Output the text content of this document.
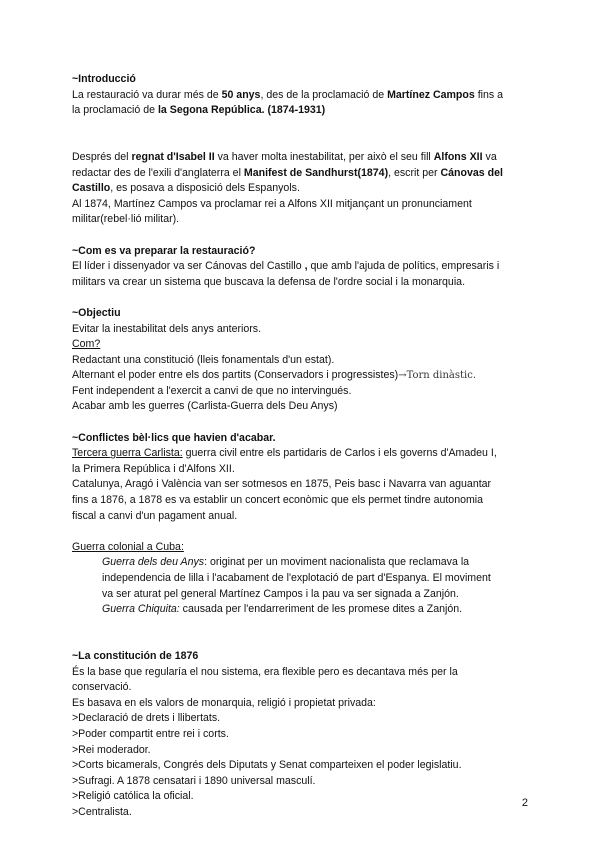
~Introducció
La restauració va durar més de 50 anys, des de la proclamació de Martínez Campos fins a
la proclamació de la Segona República. (1874-1931)
Després del regnat d'Isabel II va haver molta inestabilitat, per això el seu fill Alfons XII va
redactar des de l'exili d'anglaterra el Manifest de Sandhurst(1874), escrit per Cánovas del
Castillo, es posava a disposició dels Espanyols.
Al 1874, Martínez Campos va proclamar rei a Alfons XII mitjançant un pronunciament
militar(rebel·lió militar).
~Com es va preparar la restauració?
El líder i dissenyador va ser Cánovas del Castillo , que amb l'ajuda de polítics, empresaris i
militars va crear un sistema que buscava la defensa de l'ordre social i la monarquia.
~Objectiu
Evitar la inestabilitat dels anys anteriors.
Com?
Redactant una constitució (lleis fonamentals d'un estat).
Alternant el poder entre els dos partits (Conservadors i progressistes)→Torn dinàstic.
Fent independent a l'exercit a canvi de que no intervingués.
Acabar amb les guerres (Carlista-Guerra dels Deu Anys)
~Conflictes bèl·lics que havien d'acabar.
Tercera guerra Carlista: guerra civil entre els partidaris de Carlos i els governs d'Amadeu I,
la Primera República i d'Alfons XII.
Catalunya, Aragó i València van ser sotmesos en 1875, Peis basc i Navarra van aguantar
fins a 1876, a 1878 es va establir un concert econòmic que els permet tindre autonomia
fiscal a canvi d'un pagament anual.
Guerra colonial a Cuba:
Guerra dels deu Anys: originat per un moviment nacionalista que reclamava la
independencia de lilla i l'acabament de l'explotació de part d'Espanya. El moviment
va ser aturat pel general Martínez Campos i la pau va ser signada a Zanjón.
Guerra Chiquita: causada per l'endarreriment de les promese dites a Zanjón.
~La constitución de 1876
És la base que regularía el nou sistema, era flexible pero es decantava més per la
conservació.
Es basava en els valors de monarquia, religió i propietat privada:
>Declaració de drets i llibertats.
>Poder compartit entre rei i corts.
>Rei moderador.
>Corts bicamerals, Congrés dels Diputats y Senat comparteixen el poder legislatiu.
>Sufragi. A 1878 censatari i 1890 universal masculí.
>Religió católica la oficial.
>Centralista.
2
